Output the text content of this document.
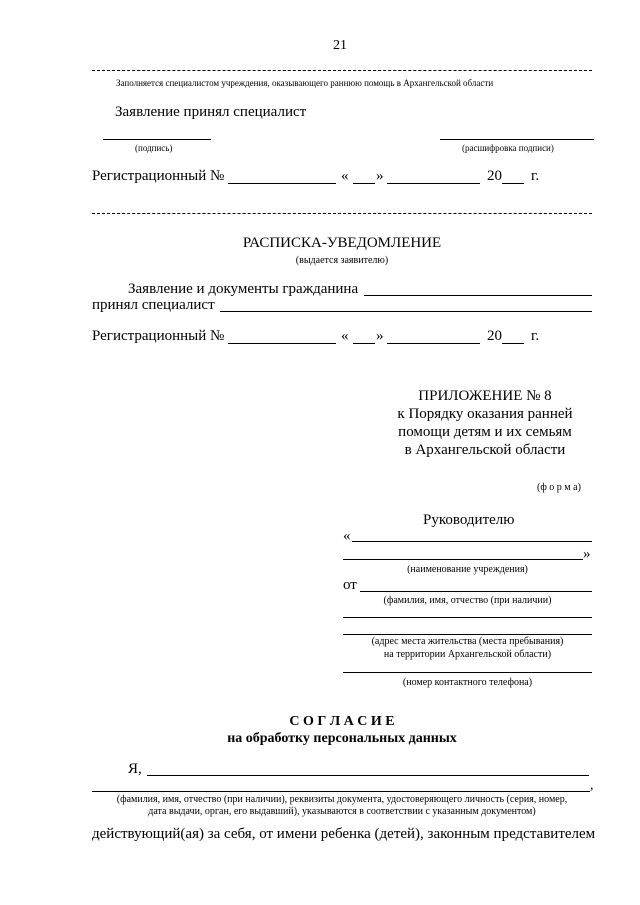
21
Заполняется специалистом учреждения, оказывающего раннюю помощь в Архангельской области
Заявление принял специалист
(подпись)	(расшифровка подписи)
Регистрационный №	« »	20 г.
РАСПИСКА-УВЕДОМЛЕНИЕ
(выдается заявителю)
Заявление и документы гражданина
принял специалист
Регистрационный №	« »	20 г.
ПРИЛОЖЕНИЕ № 8
к Порядку оказания ранней
помощи детям и их семьям
в Архангельской области
(ф о р м а)
Руководителю
«
»
(наименование учреждения)
от
(фамилия, имя, отчество (при наличии)
(адрес места жительства (места пребывания)
на территории Архангельской области)
(номер контактного телефона)
С О Г Л А С И Е
на обработку персональных данных
Я,
,
(фамилия, имя, отчество (при наличии), реквизиты документа, удостоверяющего личность (серия, номер,
дата выдачи, орган, его выдавший), указываются в соответствии с указанным документом)
действующий(ая) за себя, от имени ребенка (детей), законным представителем
